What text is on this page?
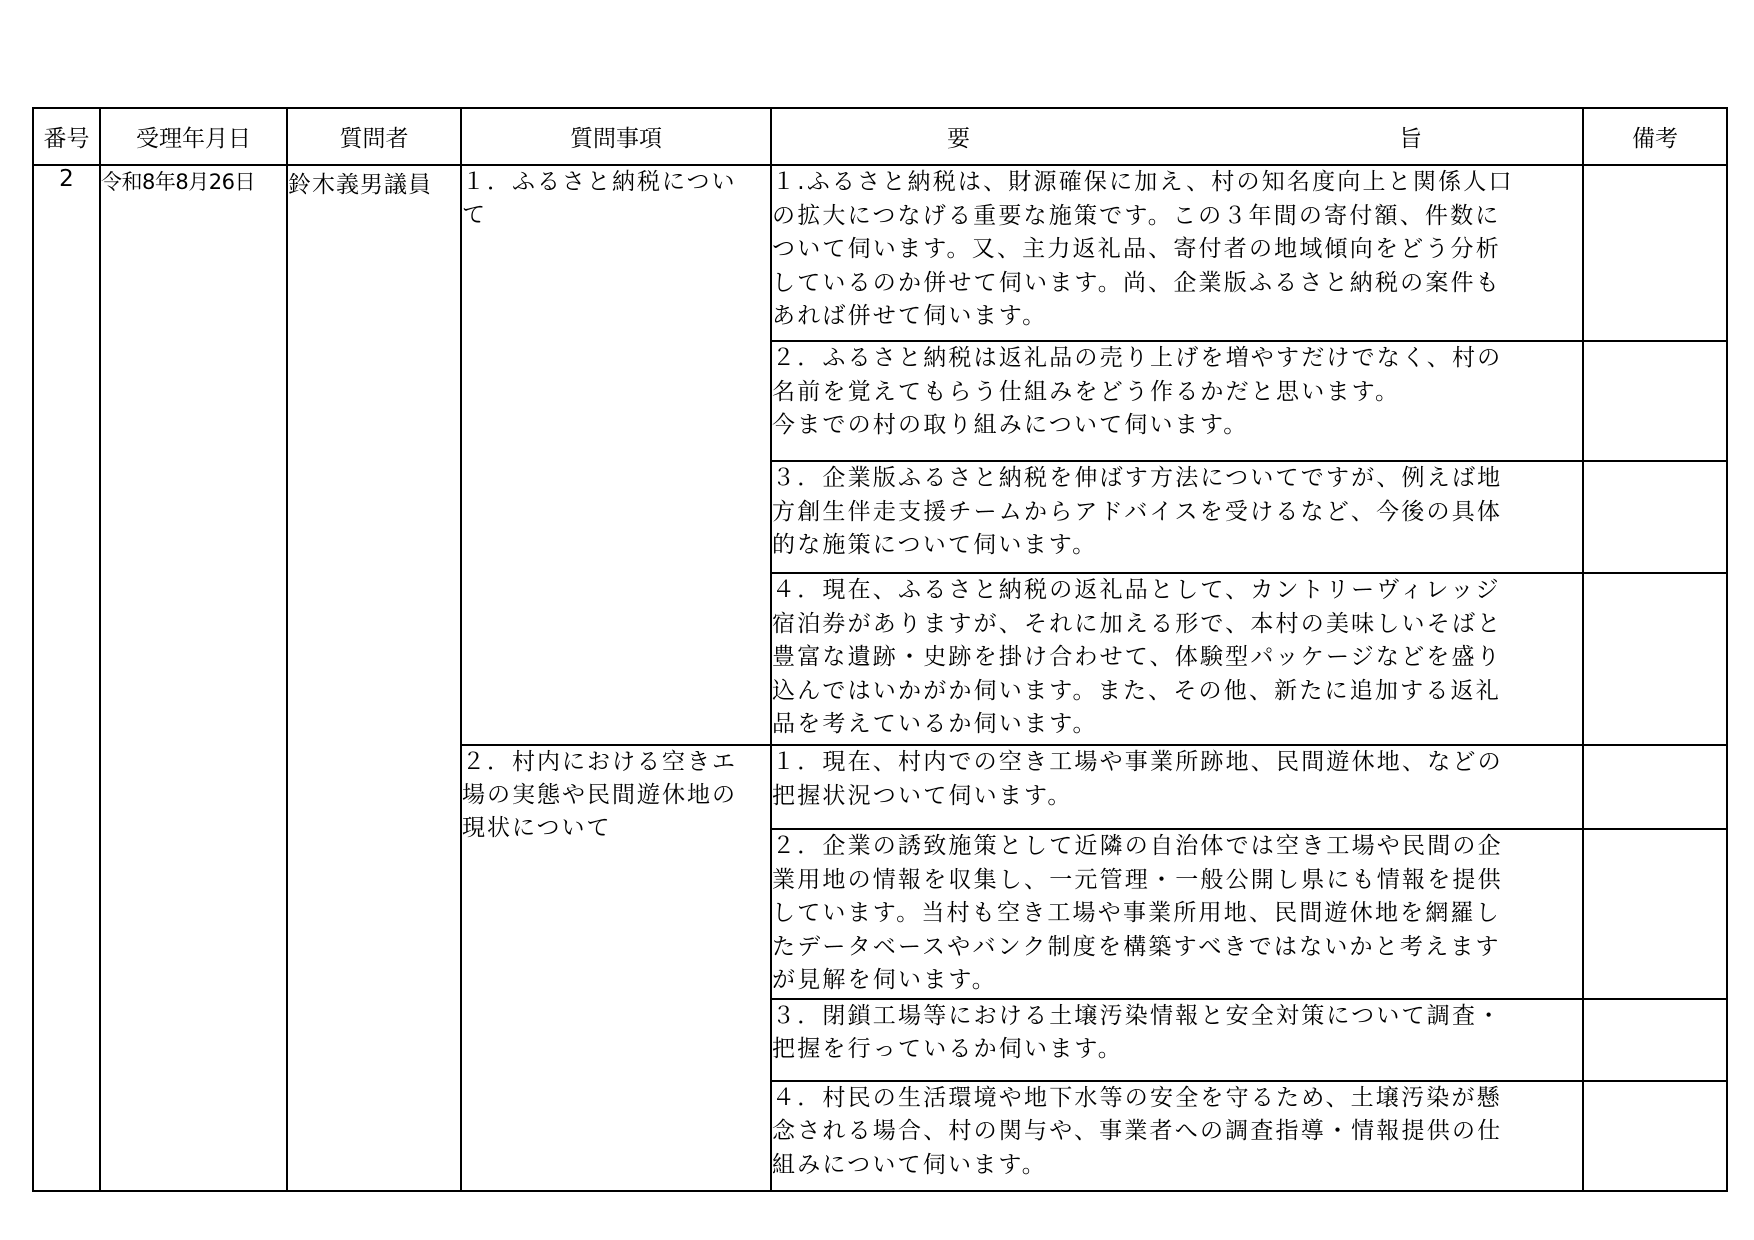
番号	受理年月日	質問者	質問事項	要 旨	備考
2	令和8年8月26日	鈴木義男議員	１．ふるさと納税につい
て	１.ふるさと納税は、財源確保に加え、村の知名度向上と関係人口
の拡大につなげる重要な施策です。この３年間の寄付額、件数に
ついて伺います。又、主力返礼品、寄付者の地域傾向をどう分析
しているのか併せて伺います。尚、企業版ふるさと納税の案件も
あれば併せて伺います。	

				２．ふるさと納税は返礼品の売り上げを増やすだけでなく、村の
名前を覚えてもらう仕組みをどう作るかだと思います。
今までの村の取り組みについて伺います。	

				３．企業版ふるさと納税を伸ばす方法についてですが、例えば地
方創生伴走支援チームからアドバイスを受けるなど、今後の具体
的な施策について伺います。	

				４．現在、ふるさと納税の返礼品として、カントリーヴィレッジ
宿泊券がありますが、それに加える形で、本村の美味しいそばと
豊富な遺跡・史跡を掛け合わせて、体験型パッケージなどを盛り
込んではいかがか伺います。また、その他、新たに追加する返礼
品を考えているか伺います。	

			２．村内における空きエ
場の実態や民間遊休地の
現状について	１．現在、村内での空き工場や事業所跡地、民間遊休地、などの
把握状況ついて伺います。	

				２．企業の誘致施策として近隣の自治体では空き工場や民間の企
業用地の情報を収集し、一元管理・一般公開し県にも情報を提供
しています。当村も空き工場や事業所用地、民間遊休地を網羅し
たデータベースやバンク制度を構築すべきではないかと考えます
が見解を伺います。	

				３．閉鎖工場等における土壌汚染情報と安全対策について調査・
把握を行っているか伺います。	

				４．村民の生活環境や地下水等の安全を守るため、土壌汚染が懸
念される場合、村の関与や、事業者への調査指導・情報提供の仕
組みについて伺います。	
